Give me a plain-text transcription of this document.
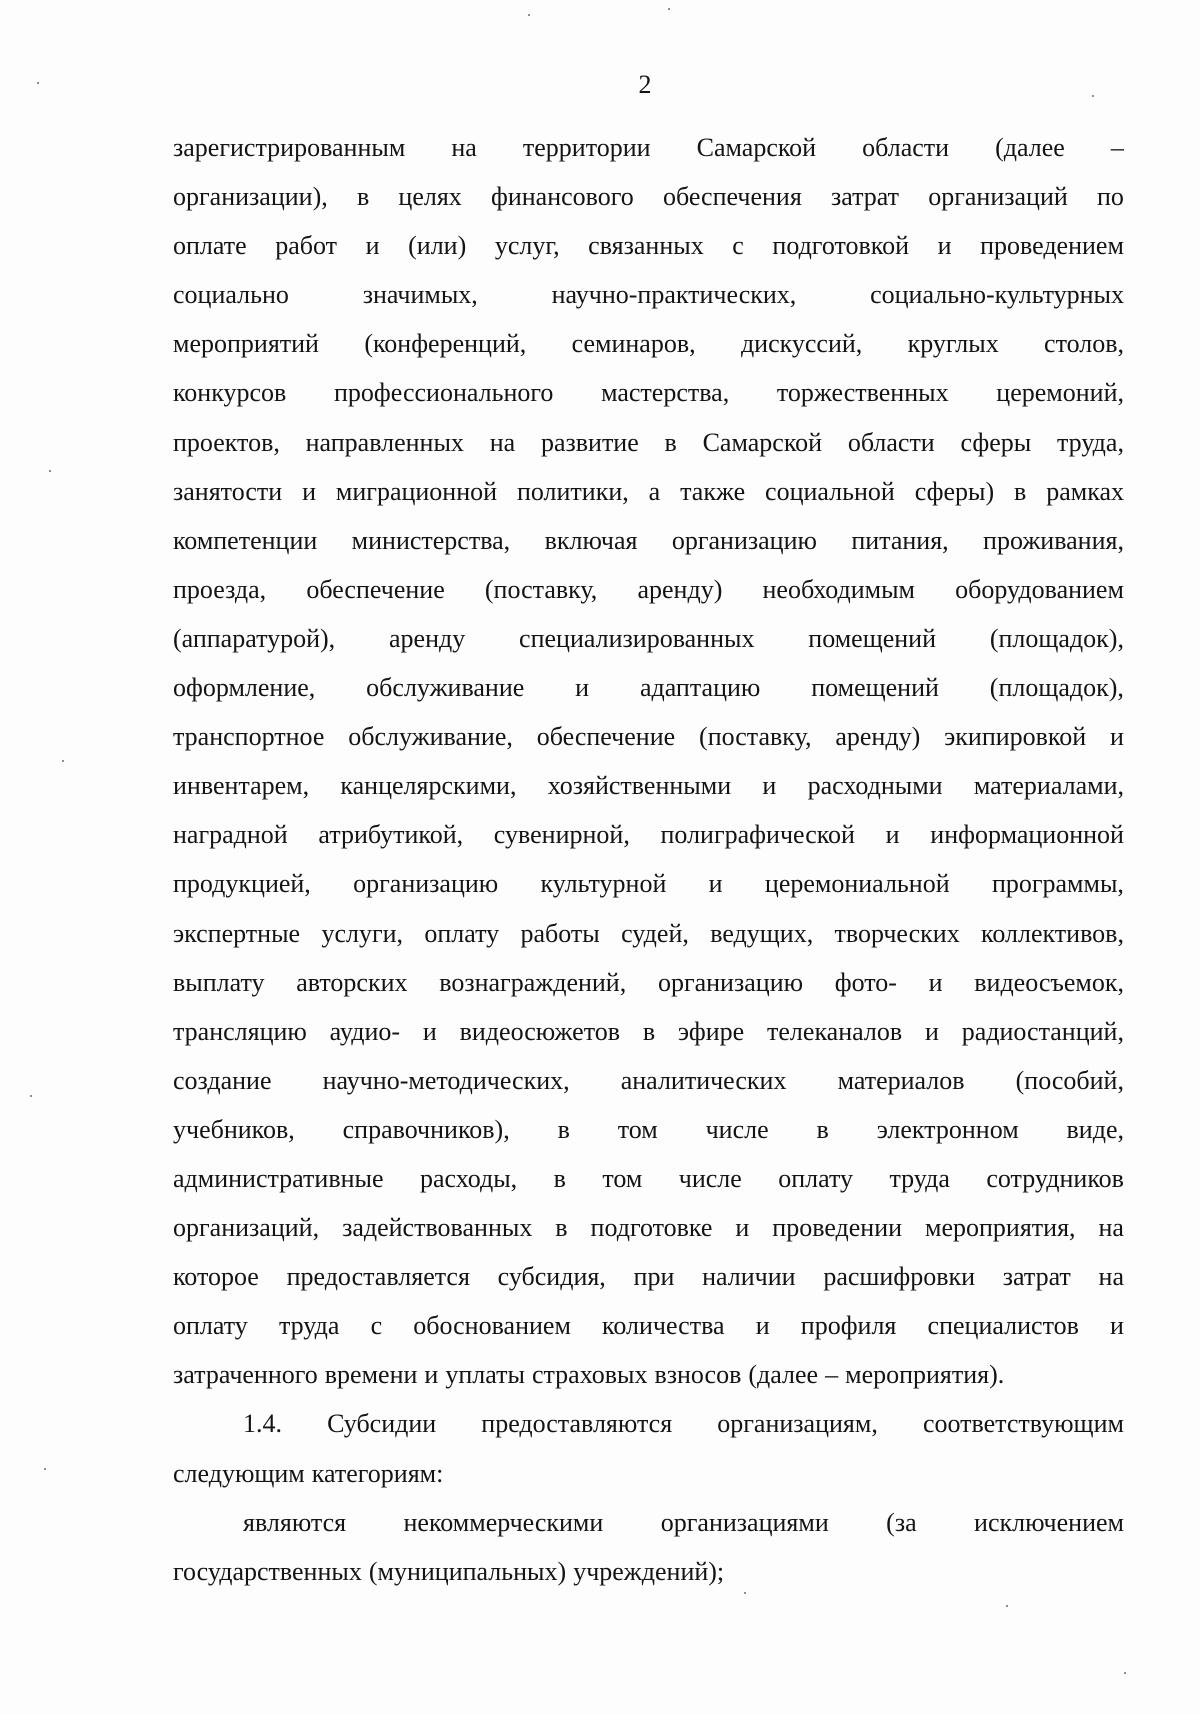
2
зарегистрированным на территории Самарской области (далее –
организации), в целях финансового обеспечения затрат организаций по
оплате работ и (или) услуг, связанных с подготовкой и проведением
социально	значимых,	научно-практических,	социально-культурных
мероприятий (конференций, семинаров, дискуссий, круглых столов,
конкурсов профессионального мастерства, торжественных церемоний,
проектов, направленных на развитие в Самарской области сферы труда,
занятости и миграционной политики, а также социальной сферы) в рамках
компетенции министерства, включая организацию питания, проживания,
проезда, обеспечение (поставку, аренду) необходимым оборудованием
(аппаратурой), аренду специализированных помещений (площадок),
оформление, обслуживание и адаптацию помещений (площадок),
транспортное обслуживание, обеспечение (поставку, аренду) экипировкой и
инвентарем, канцелярскими, хозяйственными и расходными материалами,
наградной атрибутикой, сувенирной, полиграфической и информационной
продукцией, организацию культурной и церемониальной программы,
экспертные услуги, оплату работы судей, ведущих, творческих коллективов,
выплату авторских вознаграждений, организацию фото- и видеосъемок,
трансляцию аудио- и видеосюжетов в эфире телеканалов и радиостанций,
создание научно-методических, аналитических материалов (пособий,
учебников, справочников), в том числе в электронном виде,
административные расходы, в том числе оплату труда сотрудников
организаций, задействованных в подготовке и проведении мероприятия, на
которое предоставляется субсидия, при наличии расшифровки затрат на
оплату труда с обоснованием количества и профиля специалистов и
затраченного времени и уплаты страховых взносов (далее – мероприятия).
1.4. Субсидии предоставляются организациям, соответствующим
следующим категориям:
являются некоммерческими организациями (за исключением
государственных (муниципальных) учреждений);
